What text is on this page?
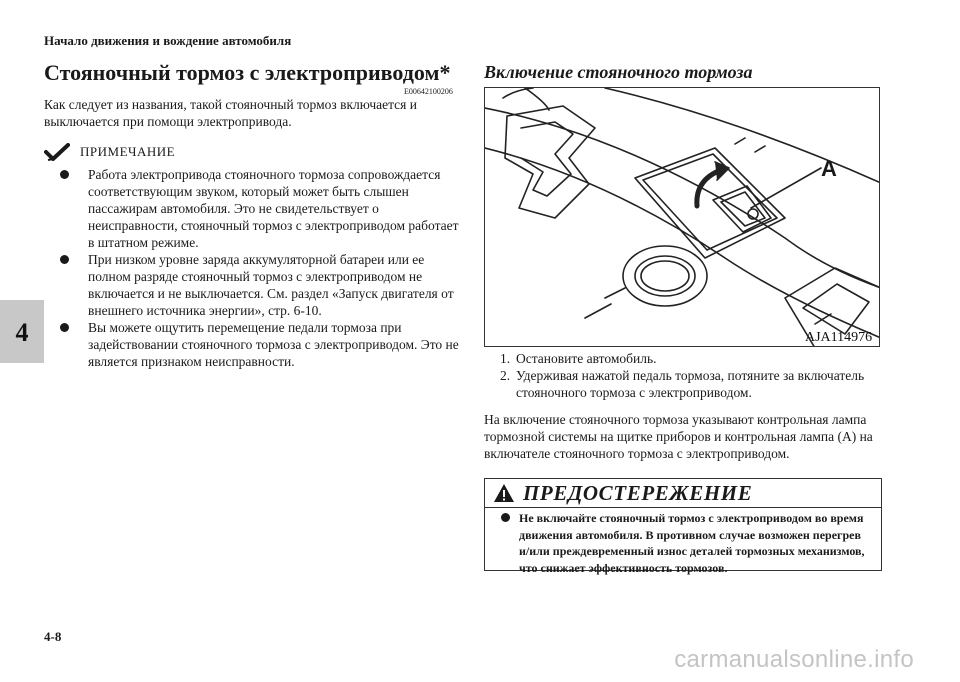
Начало движения и вождение автомобиля
4
Стояночный тормоз с электроприводом*
E00642100206
Как следует из названия, такой стояночный тормоз включается и выключается при помощи электропривода.
ПРИМЕЧАНИЕ
Работа электропривода стояночного тормоза сопровождается соответствующим звуком, который может быть слышен пассажирам автомобиля. Это не свидетельствует о неисправности, стояночный тормоз с электроприводом работает в штатном режиме.
При низком уровне заряда аккумуляторной батареи или ее полном разряде стояночный тормоз с электроприводом не включается и не выключается. См. раздел «Запуск двигателя от внешнего источника энергии», стр. 6-10.
Вы можете ощутить перемещение педали тормоза при задействовании стояночного тормоза с электроприводом. Это не является признаком неисправности.
Включение стояночного тормоза
A
AJA114976
1. Остановите автомобиль.
2. Удерживая нажатой педаль тормоза, потяните за включатель стояночного тормоза с электроприводом.
На включение стояночного тормоза указывают контрольная лампа тормозной системы на щитке приборов и контрольная лампа (A) на включателе стояночного тормоза с электроприводом.
ПРЕДОСТЕРЕЖЕНИЕ
Не включайте стояночный тормоз с электроприводом во время движения автомобиля. В противном случае возможен перегрев и/или преждевременный износ деталей тормозных механизмов, что снижает эффективность тормозов.
4-8
carmanualsonline.info
